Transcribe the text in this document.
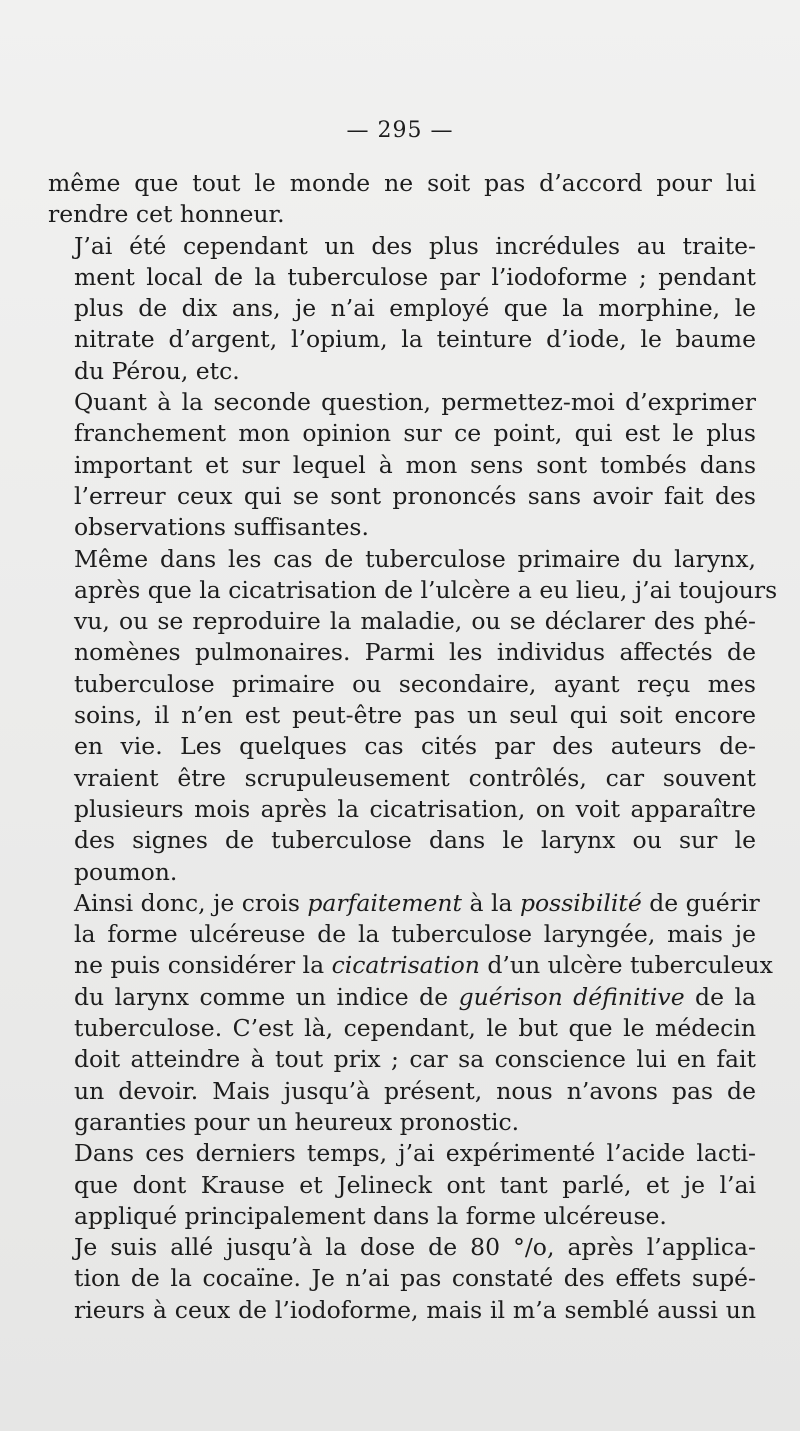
— 295 —
même que tout le monde ne soit pas d’accord pour lui
rendre cet honneur.
J’ai été cependant un des plus incrédules au traite-
ment local de la tuberculose par l’iodoforme ; pendant
plus de dix ans, je n’ai employé que la morphine, le
nitrate d’argent, l’opium, la teinture d’iode, le baume
du Pérou, etc.
Quant à la seconde question, permettez-moi d’exprimer
franchement mon opinion sur ce point, qui est le plus
important et sur lequel à mon sens sont tombés dans
l’erreur ceux qui se sont prononcés sans avoir fait des
observations suffisantes.
Même dans les cas de tuberculose primaire du larynx,
après que la cicatrisation de l’ulcère a eu lieu, j’ai toujours
vu, ou se reproduire la maladie, ou se déclarer des phé-
nomènes pulmonaires. Parmi les individus affectés de
tuberculose primaire ou secondaire, ayant reçu mes
soins, il n’en est peut-être pas un seul qui soit encore
en vie. Les quelques cas cités par des auteurs de-
vraient être scrupuleusement contrôlés, car souvent
plusieurs mois après la cicatrisation, on voit apparaître
des signes de tuberculose dans le larynx ou sur le
poumon.
Ainsi donc, je crois parfaitement à la possibilité de guérir
la forme ulcéreuse de la tuberculose laryngée, mais je
ne puis considérer la cicatrisation d’un ulcère tuberculeux
du larynx comme un indice de guérison définitive de la
tuberculose. C’est là, cependant, le but que le médecin
doit atteindre à tout prix ; car sa conscience lui en fait
un devoir. Mais jusqu’à présent, nous n’avons pas de
garanties pour un heureux pronostic.
Dans ces derniers temps, j’ai expérimenté l’acide lacti-
que dont Krause et Jelineck ont tant parlé, et je l’ai
appliqué principalement dans la forme ulcéreuse.
Je suis allé jusqu’à la dose de 80 °/o, après l’applica-
tion de la cocaïne. Je n’ai pas constaté des effets supé-
rieurs à ceux de l’iodoforme, mais il m’a semblé aussi un
